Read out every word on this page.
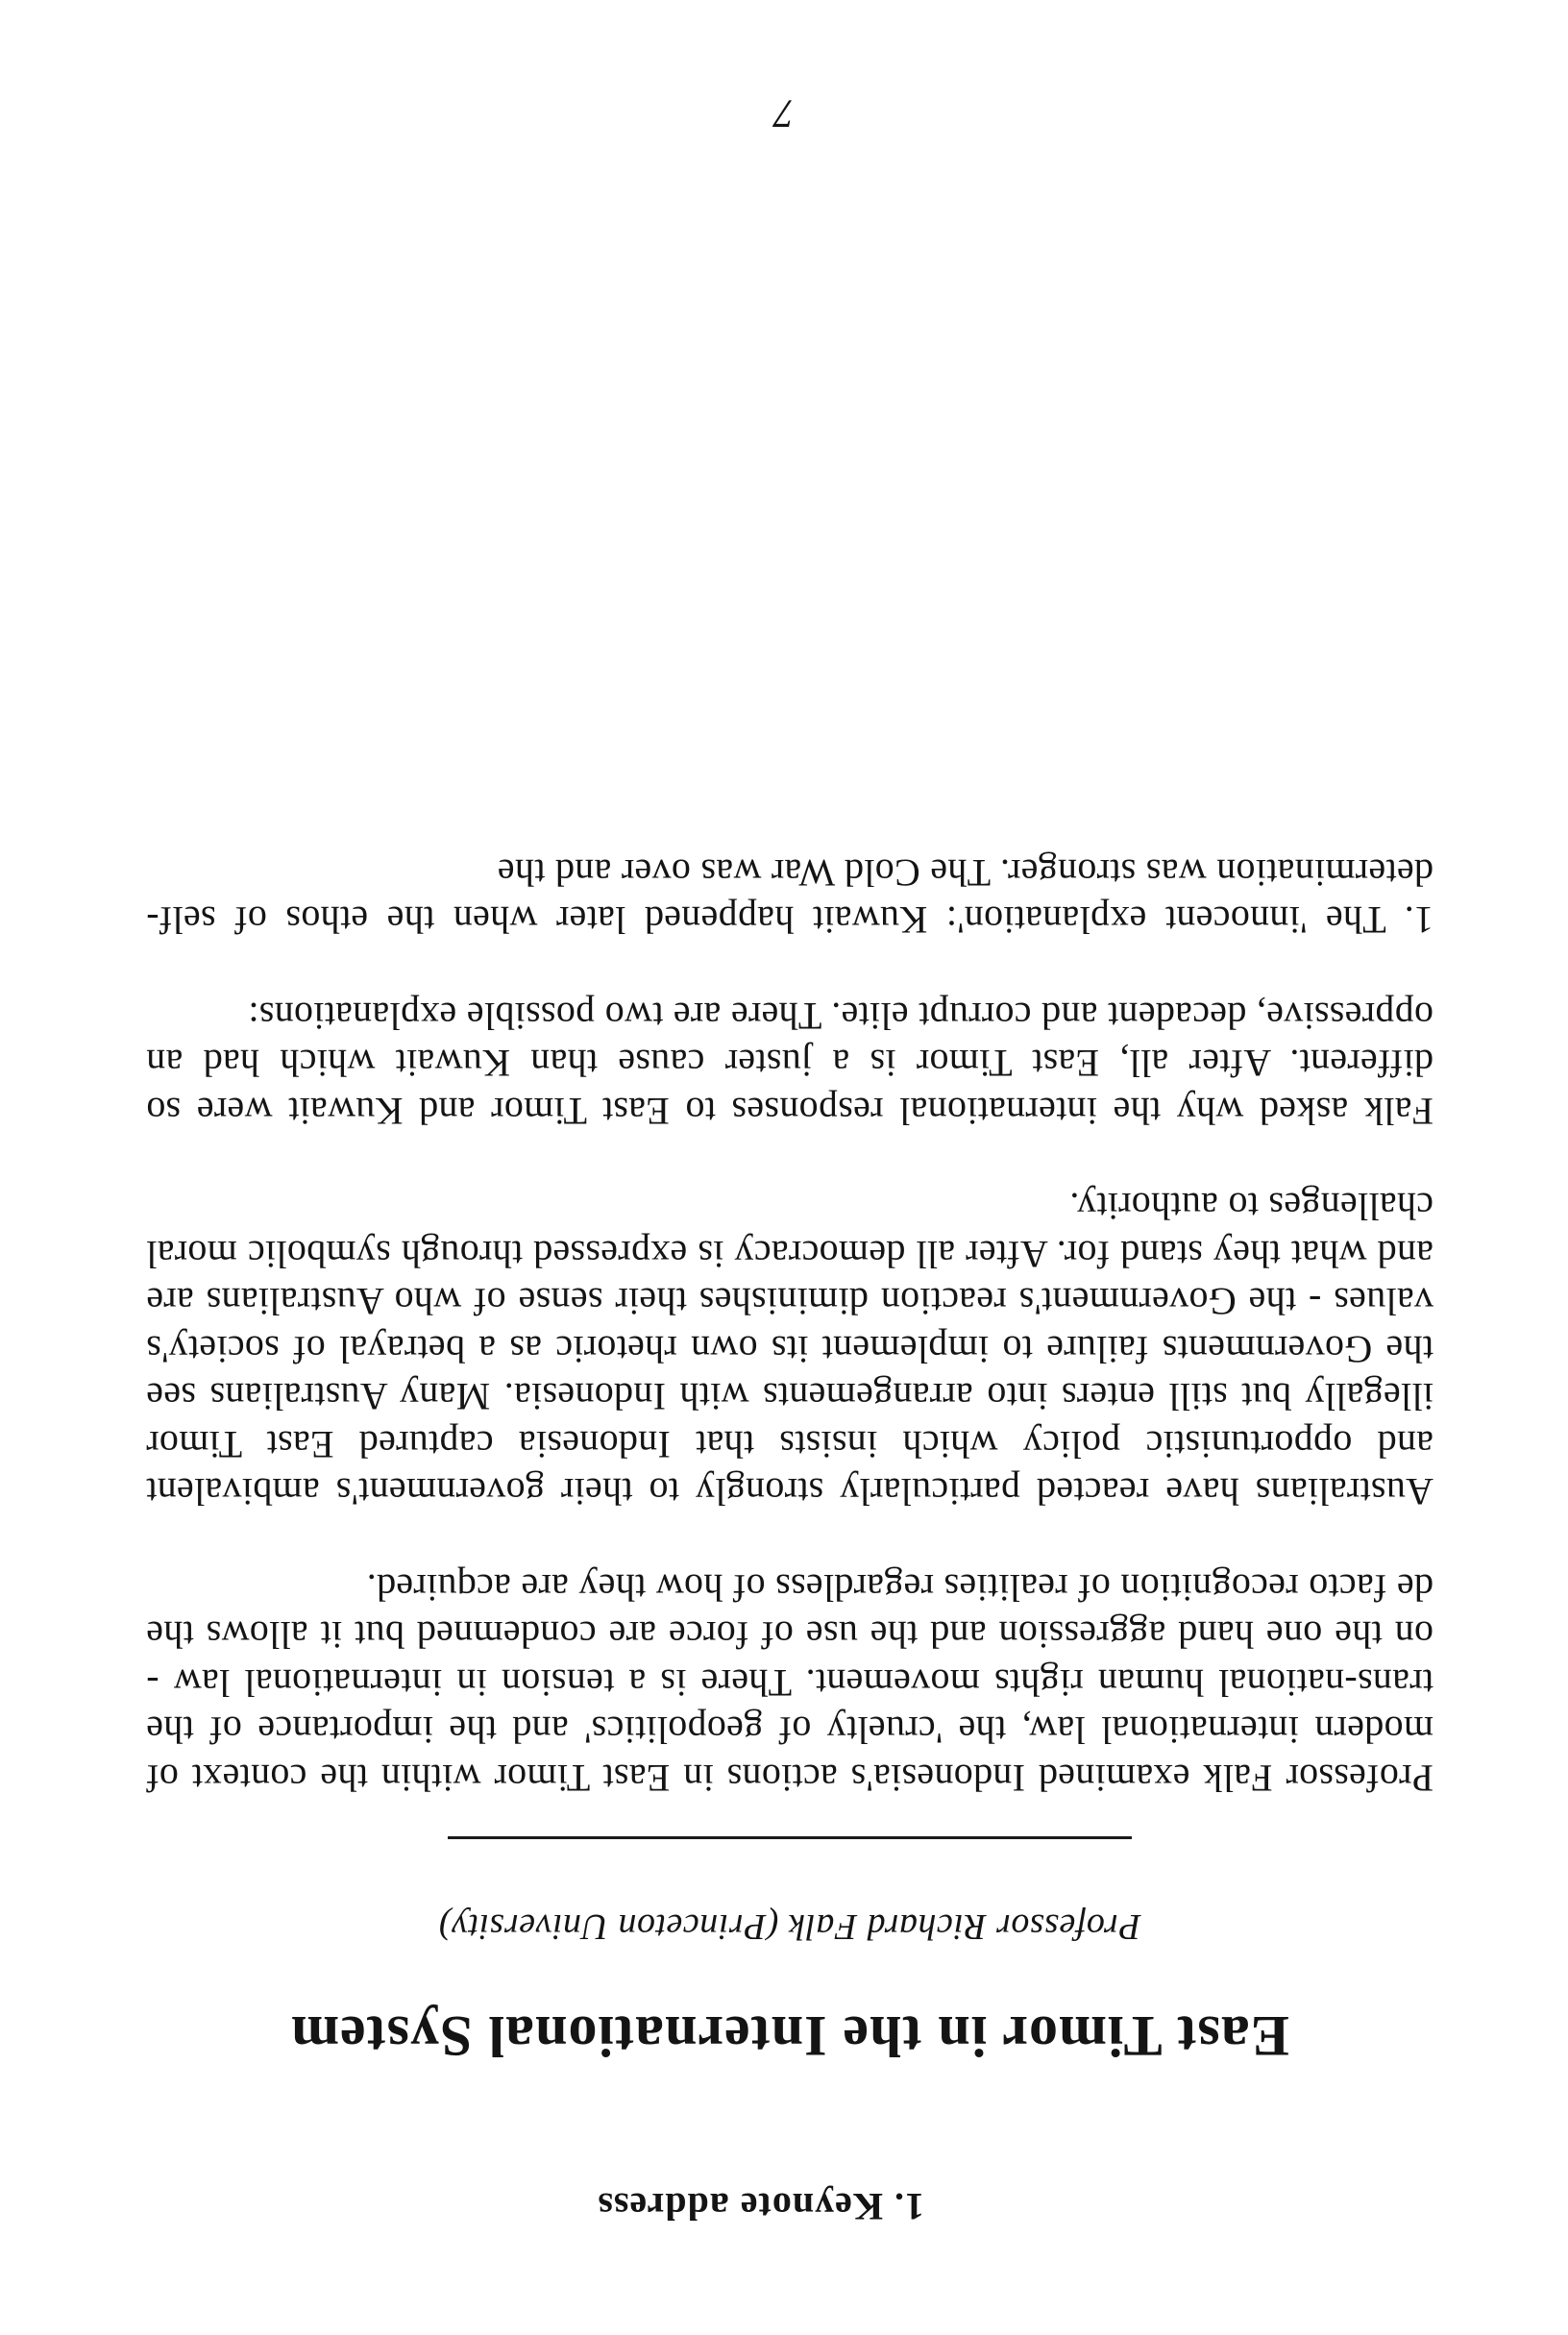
1. Keynote address
East Timor in the International System

Professor Richard Falk (Princeton University)

Professor Falk examined Indonesia's actions in East Timor within the context of modern international law, the 'cruelty of geopolitics' and the importance of the trans-national human rights movement. There is a tension in international law - on the one hand aggression and the use of force are condemned but it allows the de facto recognition of realities regardless of how they are acquired.

Australians have reacted particularly strongly to their government's ambivalent and opportunistic policy which insists that Indonesia captured East Timor illegally but still enters into arrangements with Indonesia. Many Australians see the Governments failure to implement its own rhetoric as a betrayal of society's values - the Government's reaction diminishes their sense of who Australians are and what they stand for. After all democracy is expressed through symbolic moral challenges to authority.

Falk asked why the international responses to East Timor and Kuwait were so different. After all, East Timor is a juster cause than Kuwait which had an oppressive, decadent and corrupt elite. There are two possible explanations:

1. The 'innocent explanation': Kuwait happened later when the ethos of self-determination was stronger. The Cold War was over and the

7
